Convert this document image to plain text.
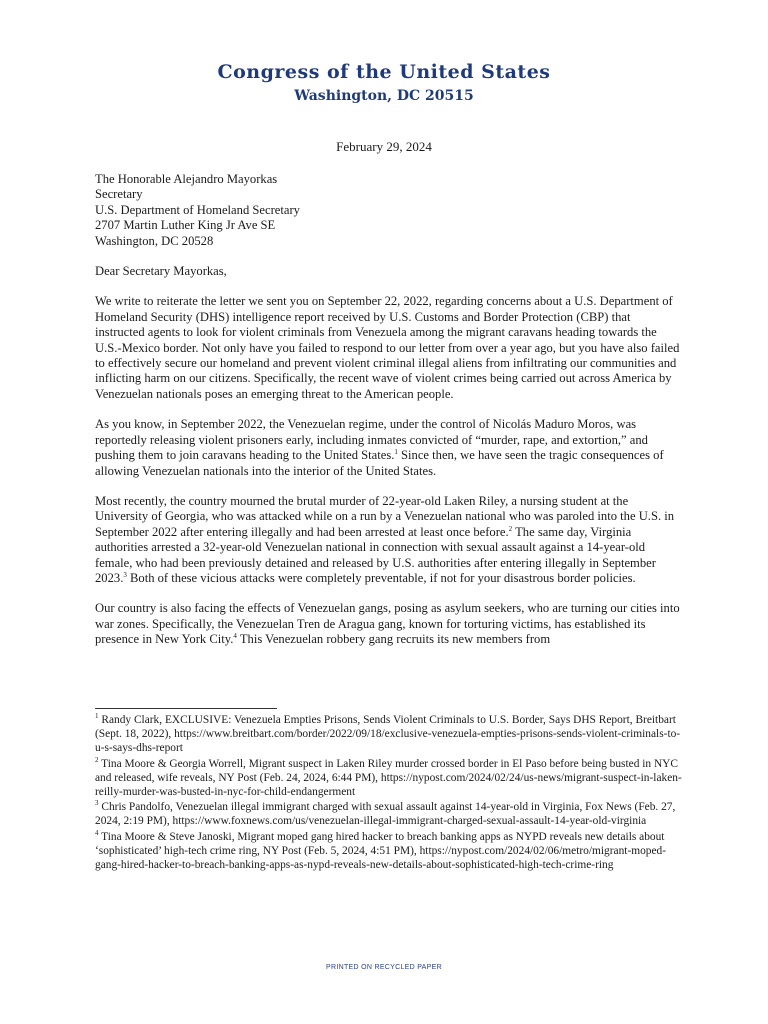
Congress of the United States
Washington, DC 20515
February 29, 2024
The Honorable Alejandro Mayorkas
Secretary
U.S. Department of Homeland Secretary
2707 Martin Luther King Jr Ave SE
Washington, DC 20528
Dear Secretary Mayorkas,
We write to reiterate the letter we sent you on September 22, 2022, regarding concerns about a U.S. Department of Homeland Security (DHS) intelligence report received by U.S. Customs and Border Protection (CBP) that instructed agents to look for violent criminals from Venezuela among the migrant caravans heading towards the U.S.-Mexico border. Not only have you failed to respond to our letter from over a year ago, but you have also failed to effectively secure our homeland and prevent violent criminal illegal aliens from infiltrating our communities and inflicting harm on our citizens. Specifically, the recent wave of violent crimes being carried out across America by Venezuelan nationals poses an emerging threat to the American people.
As you know, in September 2022, the Venezuelan regime, under the control of Nicolás Maduro Moros, was reportedly releasing violent prisoners early, including inmates convicted of “murder, rape, and extortion,” and pushing them to join caravans heading to the United States.$^1$ Since then, we have seen the tragic consequences of allowing Venezuelan nationals into the interior of the United States.
Most recently, the country mourned the brutal murder of 22-year-old Laken Riley, a nursing student at the University of Georgia, who was attacked while on a run by a Venezuelan national who was paroled into the U.S. in September 2022 after entering illegally and had been arrested at least once before.$^2$ The same day, Virginia authorities arrested a 32-year-old Venezuelan national in connection with sexual assault against a 14-year-old female, who had been previously detained and released by U.S. authorities after entering illegally in September 2023.$^3$ Both of these vicious attacks were completely preventable, if not for your disastrous border policies.
Our country is also facing the effects of Venezuelan gangs, posing as asylum seekers, who are turning our cities into war zones. Specifically, the Venezuelan Tren de Aragua gang, known for torturing victims, has established its presence in New York City.$^4$ This Venezuelan robbery gang recruits its new members from
$^1$ Randy Clark, EXCLUSIVE: Venezuela Empties Prisons, Sends Violent Criminals to U.S. Border, Says DHS Report, Breitbart (Sept. 18, 2022), https://www.breitbart.com/border/2022/09/18/exclusive-venezuela-empties-prisons-sends-violent-criminals-to-u-s-says-dhs-report
$^2$ Tina Moore & Georgia Worrell, Migrant suspect in Laken Riley murder crossed border in El Paso before being busted in NYC and released, wife reveals, NY Post (Feb. 24, 2024, 6:44 PM), https://nypost.com/2024/02/24/us-news/migrant-suspect-in-laken-reilly-murder-was-busted-in-nyc-for-child-endangerment
$^3$ Chris Pandolfo, Venezuelan illegal immigrant charged with sexual assault against 14-year-old in Virginia, Fox News (Feb. 27, 2024, 2:19 PM), https://www.foxnews.com/us/venezuelan-illegal-immigrant-charged-sexual-assault-14-year-old-virginia
$^4$ Tina Moore & Steve Janoski, Migrant moped gang hired hacker to breach banking apps as NYPD reveals new details about ‘sophisticated’ high-tech crime ring, NY Post (Feb. 5, 2024, 4:51 PM), https://nypost.com/2024/02/06/metro/migrant-moped-gang-hired-hacker-to-breach-banking-apps-as-nypd-reveals-new-details-about-sophisticated-high-tech-crime-ring
PRINTED ON RECYCLED PAPER
